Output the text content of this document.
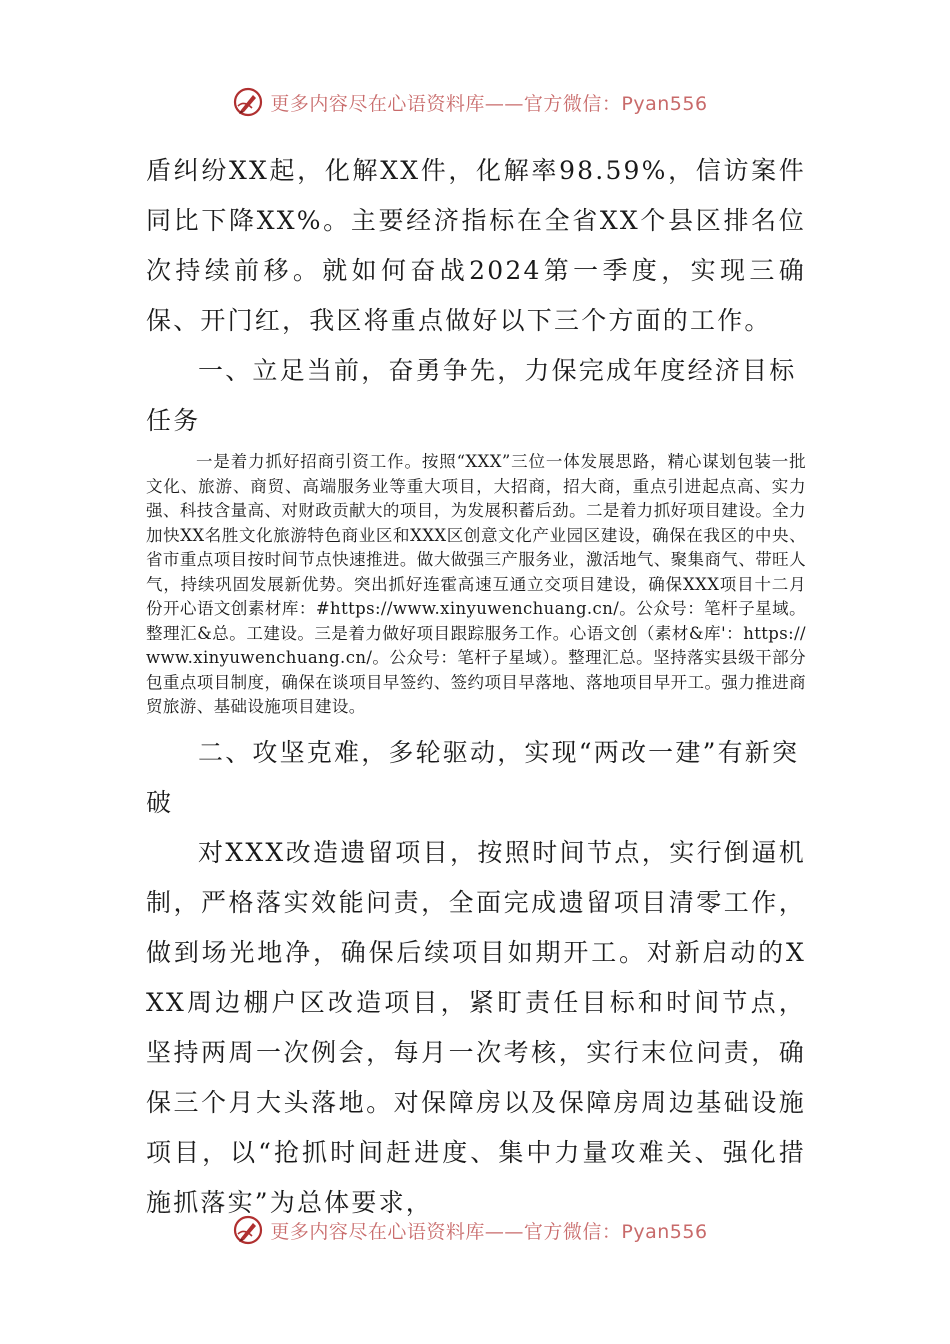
更多内容尽在心语资料库——官方微信：Pyan556

盾纠纷XX起，化解XX件，化解率98.59%，信访案件同比下降XX%。主要经济指标在全省XX个县区排名位次持续前移。就如何奋战2024第一季度，实现三确保、开门红，我区将重点做好以下三个方面的工作。

一、立足当前，奋勇争先，力保完成年度经济目标任务

一是着力抓好招商引资工作。按照“XXX”三位一体发展思路，精心谋划包装一批文化、旅游、商贸、高端服务业等重大项目，大招商，招大商，重点引进起点高、实力强、科技含量高、对财政贡献大的项目，为发展积蓄后劲。二是着力抓好项目建设。全力加快XX名胜文化旅游特色商业区和XXX区创意文化产业园区建设，确保在我区的中央、省市重点项目按时间节点快速推进。做大做强三产服务业，激活地气、聚集商气、带旺人气，持续巩固发展新优势。突出抓好连霍高速互通立交项目建设，确保XXX项目十二月份开心语文创素材库：#https://www.xinyuwenchuang.cn/。公众号：笔杆子星域。整理汇&总。工建设。三是着力做好项目跟踪服务工作。心语文创（素材&库'：https://www.xinyuwenchuang.cn/。公众号：笔杆子星域）。整理汇总。坚持落实县级干部分包重点项目制度，确保在谈项目早签约、签约项目早落地、落地项目早开工。强力推进商贸旅游、基础设施项目建设。

二、攻坚克难，多轮驱动，实现“两改一建”有新突破

对XXX改造遗留项目，按照时间节点，实行倒逼机制，严格落实效能问责，全面完成遗留项目清零工作，做到场光地净，确保后续项目如期开工。对新启动的XXX周边棚户区改造项目，紧盯责任目标和时间节点，坚持两周一次例会，每月一次考核，实行末位问责，确保三个月大头落地。对保障房以及保障房周边基础设施项目，以“抢抓时间赶进度、集中力量攻难关、强化措施抓落实”为总体要求，

更多内容尽在心语资料库——官方微信：Pyan556
